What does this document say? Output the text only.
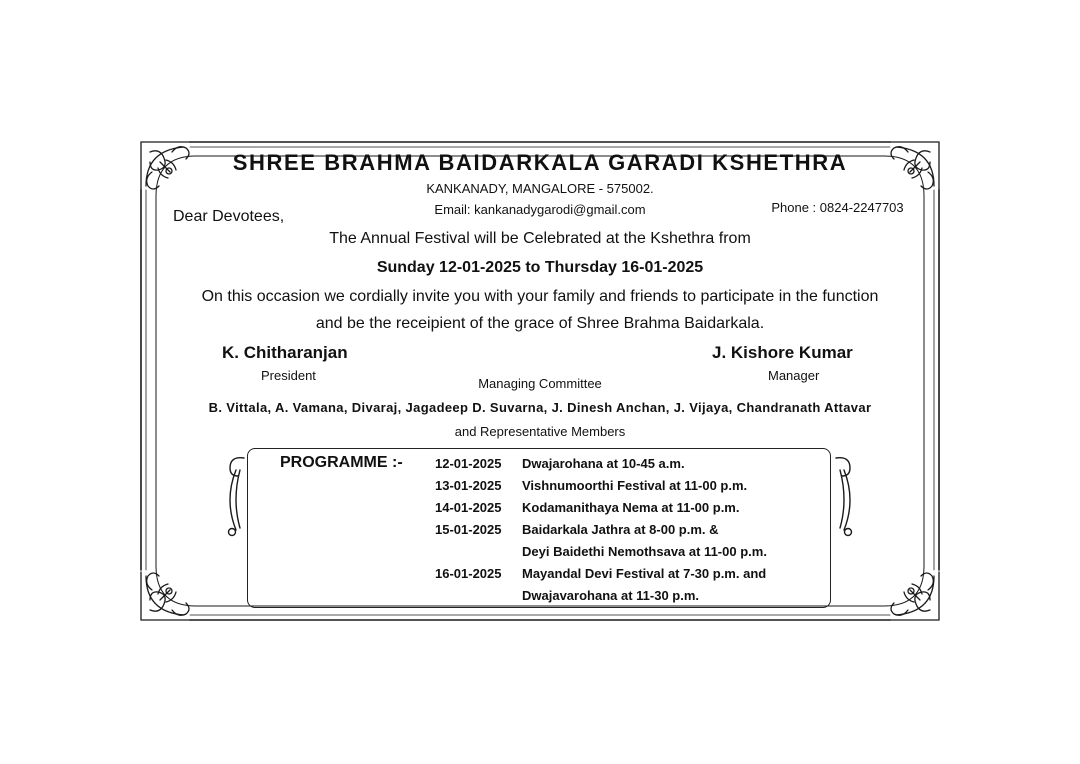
SHREE BRAHMA BAIDARKALA GARADI KSHETHRA
KANKANADY, MANGALORE - 575002.
Email: kankanadygarodi@gmail.com	Phone : 0824-2247703
Dear Devotees,
The Annual Festival will be Celebrated at the Kshethra from
Sunday 12-01-2025 to Thursday 16-01-2025
On this occasion we cordially invite you with your family and friends to participate in the function
and be the receipient of the grace of Shree Brahma Baidarkala.
K. Chitharanjan
President
Managing Committee
J. Kishore Kumar
Manager
B. Vittala, A. Vamana, Divaraj, Jagadeep D. Suvarna, J. Dinesh Anchan, J. Vijaya, Chandranath Attavar
and Representative Members
PROGRAMME :- 12-01-2025 Dwajarohana at 10-45 a.m.
13-01-2025 Vishnumoorthi Festival at 11-00 p.m.
14-01-2025 Kodamanithaya Nema at 11-00 p.m.
15-01-2025 Baidarkala Jathra at 8-00 p.m. &
Deyi Baidethi Nemothsava at 11-00 p.m.
16-01-2025 Mayandal Devi Festival at 7-30 p.m. and
Dwajavarohana at 11-30 p.m.
